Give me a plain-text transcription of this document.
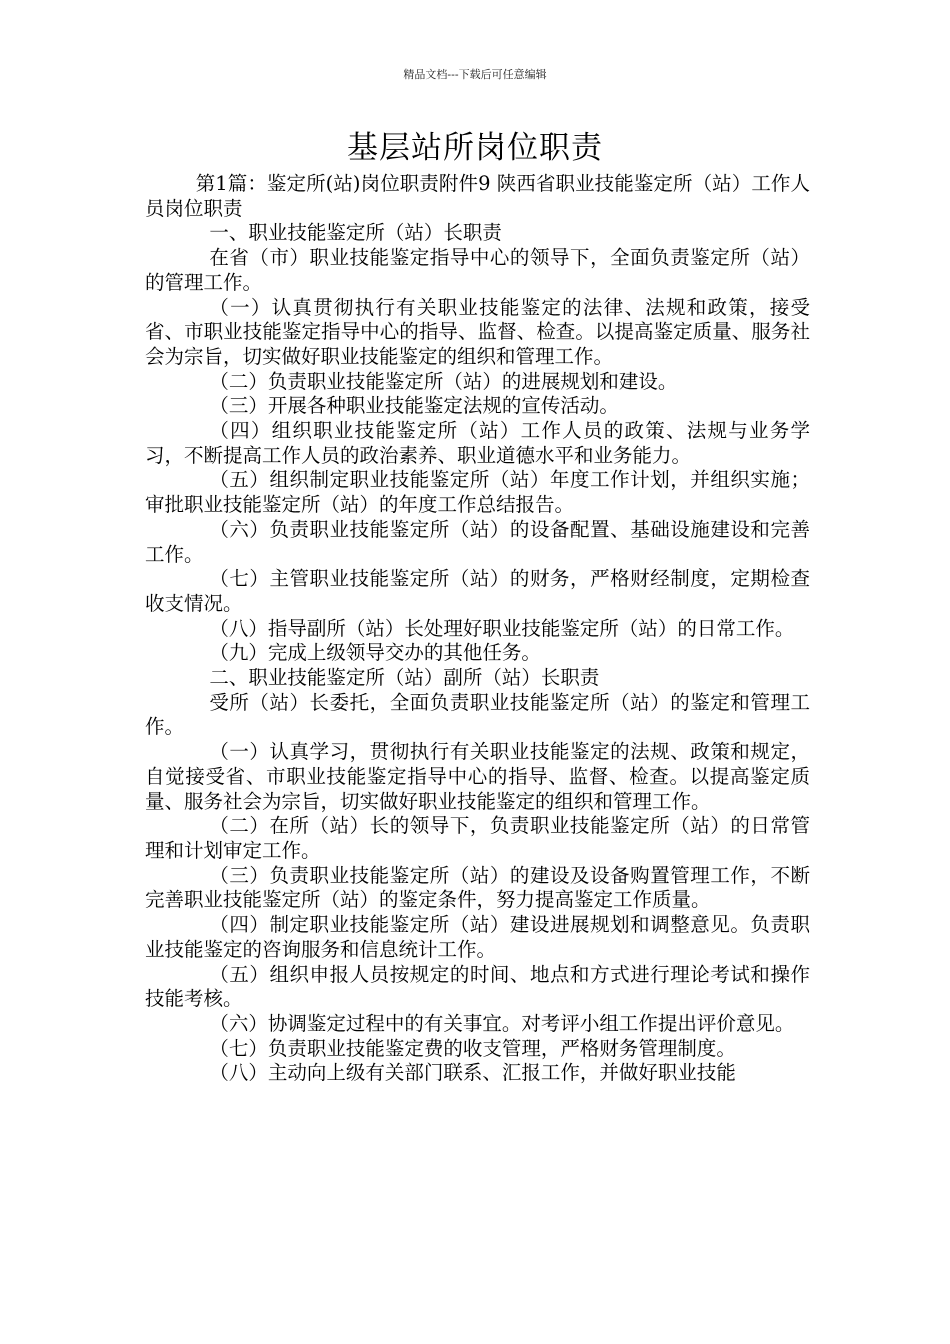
精品文档---下载后可任意编辑
基层站所岗位职责

第1篇：鉴定所(站)岗位职责附件9 陕西省职业技能鉴定所（站）工作人员岗位职责

一、职业技能鉴定所（站）长职责

在省（市）职业技能鉴定指导中心的领导下，全面负责鉴定所（站）的管理工作。

（一）认真贯彻执行有关职业技能鉴定的法律、法规和政策，接受省、市职业技能鉴定指导中心的指导、监督、检查。以提高鉴定质量、服务社会为宗旨，切实做好职业技能鉴定的组织和管理工作。

（二）负责职业技能鉴定所（站）的进展规划和建设。

（三）开展各种职业技能鉴定法规的宣传活动。

（四）组织职业技能鉴定所（站）工作人员的政策、法规与业务学习，不断提高工作人员的政治素养、职业道德水平和业务能力。

（五）组织制定职业技能鉴定所（站）年度工作计划，并组织实施；审批职业技能鉴定所（站）的年度工作总结报告。

（六）负责职业技能鉴定所（站）的设备配置、基础设施建设和完善工作。

（七）主管职业技能鉴定所（站）的财务，严格财经制度，定期检查收支情况。

（八）指导副所（站）长处理好职业技能鉴定所（站）的日常工作。

（九）完成上级领导交办的其他任务。

二、职业技能鉴定所（站）副所（站）长职责

受所（站）长委托，全面负责职业技能鉴定所（站）的鉴定和管理工作。

（一）认真学习，贯彻执行有关职业技能鉴定的法规、政策和规定，自觉接受省、市职业技能鉴定指导中心的指导、监督、检查。以提高鉴定质量、服务社会为宗旨，切实做好职业技能鉴定的组织和管理工作。

（二）在所（站）长的领导下，负责职业技能鉴定所（站）的日常管理和计划审定工作。

（三）负责职业技能鉴定所（站）的建设及设备购置管理工作，不断完善职业技能鉴定所（站）的鉴定条件，努力提高鉴定工作质量。

（四）制定职业技能鉴定所（站）建设进展规划和调整意见。负责职业技能鉴定的咨询服务和信息统计工作。

（五）组织申报人员按规定的时间、地点和方式进行理论考试和操作技能考核。

（六）协调鉴定过程中的有关事宜。对考评小组工作提出评价意见。

（七）负责职业技能鉴定费的收支管理，严格财务管理制度。

（八）主动向上级有关部门联系、汇报工作，并做好职业技能
